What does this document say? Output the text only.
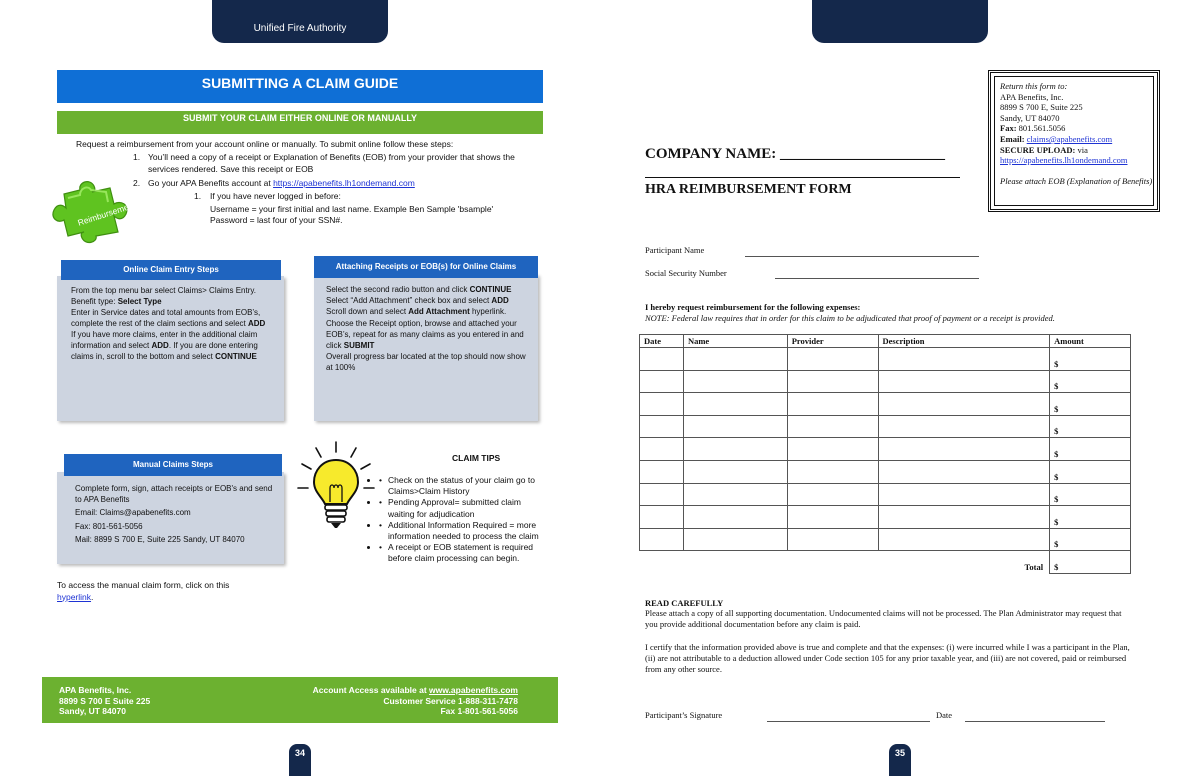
Unified Fire Authority
SUBMITTING A CLAIM GUIDE
SUBMIT YOUR CLAIM EITHER ONLINE OR MANUALLY
Request a reimbursement from your account online or manually. To submit online follow these steps:
1. You’ll need a copy of a receipt or Explanation of Benefits (EOB) from your provider that shows the services rendered. Save this receipt or EOB
2. Go your APA Benefits account at https://apabenefits.lh1ondemand.com
1. If you have never logged in before:
Username = your first initial and last name. Example Ben Sample 'bsample'
Password = last four of your SSN#.
Reimbursement
Online Claim Entry Steps
From the top menu bar select Claims> Claims Entry.
Benefit type: Select Type
Enter in Service dates and total amounts from EOB’s, complete the rest of the claim sections and select ADD
If you have more claims, enter in the additional claim information and select ADD. If you are done entering claims in, scroll to the bottom and select CONTINUE
Attaching Receipts or EOB(s) for Online Claims
Select the second radio button and click CONTINUE
Select “Add Attachment” check box and select ADD
Scroll down and select Add Attachment hyperlink.
Choose the Receipt option, browse and attached your EOB’s, repeat for as many claims as you entered in and click SUBMIT
Overall progress bar located at the top should now show at 100%
Manual Claims Steps
Complete form, sign, attach receipts or EOB's and send to APA Benefits
Email: Claims@apabenefits.com
Fax: 801-561-5056
Mail: 8899 S 700 E, Suite 225 Sandy, UT 84070
CLAIM TIPS
• • Check on the status of your claim go to Claims>Claim History
• • Pending Approval= submitted claim waiting for adjudication
• • Additional Information Required = more information needed to process the claim
• • A receipt or EOB statement is required before claim processing can begin.
To access the manual claim form, click on this hyperlink.
APA Benefits, Inc.
8899 S 700 E Suite 225
Sandy, UT 84070
Account Access available at www.apabenefits.com
Customer Service 1-888-311-7478
Fax 1-801-561-5056
34
Return this form to:
APA Benefits, Inc.
8899 S 700 E, Suite 225
Sandy, UT 84070
Fax: 801.561.5056
Email: claims@apabenefits.com
SECURE UPLOAD: via
https://apabenefits.lh1ondemand.com
Please attach EOB (Explanation of Benefits)
COMPANY NAME: ______________________
HRA REIMBURSEMENT FORM
Participant Name
Social Security Number
I hereby request reimbursement for the following expenses:
NOTE: Federal law requires that in order for this claim to be adjudicated that proof of payment or a receipt is provided.
Date	Name	Provider	Description	Amount
				$
				$
				$
				$
				$
				$
				$
				$
				$
Total				$
READ CAREFULLY
Please attach a copy of all supporting documentation. Undocumented claims will not be processed. The Plan Administrator may request that you provide additional documentation before any claim is paid.
I certify that the information provided above is true and complete and that the expenses: (i) were incurred while I was a participant in the Plan, (ii) are not attributable to a deduction allowed under Code section 105 for any prior taxable year, and (iii) are not covered, paid or reimbursed from any other source.
Participant’s Signature	Date
35
